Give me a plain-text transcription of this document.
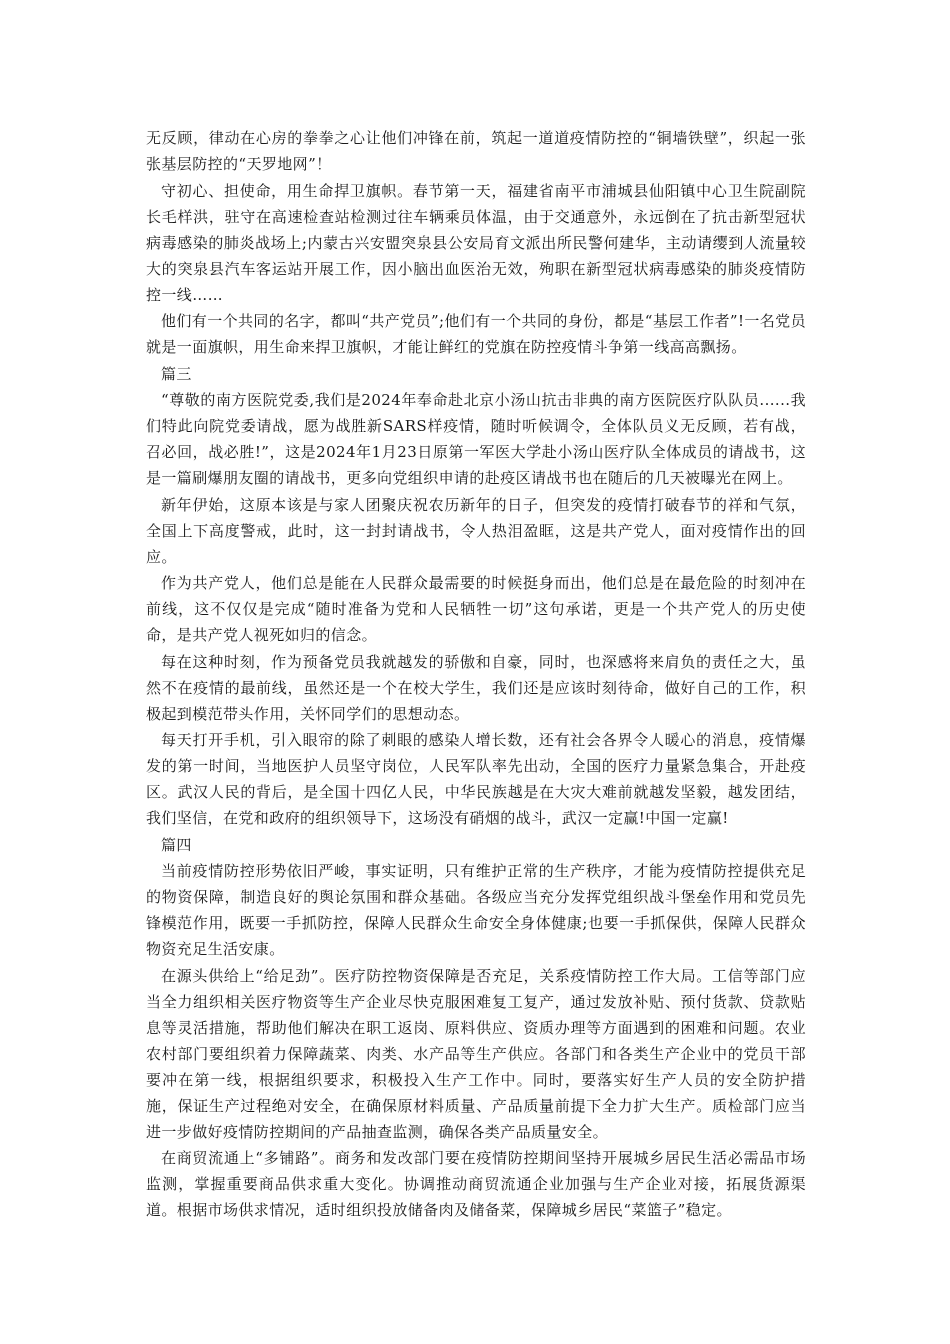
无反顾，律动在心房的拳拳之心让他们冲锋在前，筑起一道道疫情防控的“铜墙铁壁”，织起一张张基层防控的“天罗地网”！

守初心、担使命，用生命捍卫旗帜。春节第一天，福建省南平市浦城县仙阳镇中心卫生院副院长毛样洪，驻守在高速检查站检测过往车辆乘员体温，由于交通意外，永远倒在了抗击新型冠状病毒感染的肺炎战场上;内蒙古兴安盟突泉县公安局育文派出所民警何建华，主动请缨到人流量较大的突泉县汽车客运站开展工作，因小脑出血医治无效，殉职在新型冠状病毒感染的肺炎疫情防控一线……

他们有一个共同的名字，都叫“共产党员”;他们有一个共同的身份，都是“基层工作者”!一名党员就是一面旗帜，用生命来捍卫旗帜，才能让鲜红的党旗在防控疫情斗争第一线高高飘扬。

篇三

“尊敬的南方医院党委,我们是2024年奉命赴北京小汤山抗击非典的南方医院医疗队队员......我们特此向院党委请战，愿为战胜新SARS样疫情，随时听候调令，全体队员义无反顾，若有战，召必回，战必胜!”，这是2024年1月23日原第一军医大学赴小汤山医疗队全体成员的请战书，这是一篇刷爆朋友圈的请战书，更多向党组织申请的赴疫区请战书也在随后的几天被曝光在网上。

新年伊始，这原本该是与家人团聚庆祝农历新年的日子，但突发的疫情打破春节的祥和气氛，全国上下高度警戒，此时，这一封封请战书，令人热泪盈眶，这是共产党人，面对疫情作出的回应。

作为共产党人，他们总是能在人民群众最需要的时候挺身而出，他们总是在最危险的时刻冲在前线，这不仅仅是完成“随时准备为党和人民牺牲一切”这句承诺，更是一个共产党人的历史使命，是共产党人视死如归的信念。

每在这种时刻，作为预备党员我就越发的骄傲和自豪，同时，也深感将来肩负的责任之大，虽然不在疫情的最前线，虽然还是一个在校大学生，我们还是应该时刻待命，做好自己的工作，积极起到模范带头作用，关怀同学们的思想动态。

每天打开手机，引入眼帘的除了刺眼的感染人增长数，还有社会各界令人暖心的消息，疫情爆发的第一时间，当地医护人员坚守岗位，人民军队率先出动，全国的医疗力量紧急集合，开赴疫区。武汉人民的背后，是全国十四亿人民，中华民族越是在大灾大难前就越发坚毅，越发团结，我们坚信，在党和政府的组织领导下，这场没有硝烟的战斗，武汉一定赢!中国一定赢!

篇四

当前疫情防控形势依旧严峻，事实证明，只有维护正常的生产秩序，才能为疫情防控提供充足的物资保障，制造良好的舆论氛围和群众基础。各级应当充分发挥党组织战斗堡垒作用和党员先锋模范作用，既要一手抓防控，保障人民群众生命安全身体健康;也要一手抓保供，保障人民群众物资充足生活安康。

在源头供给上“给足劲”。医疗防控物资保障是否充足，关系疫情防控工作大局。工信等部门应当全力组织相关医疗物资等生产企业尽快克服困难复工复产，通过发放补贴、预付货款、贷款贴息等灵活措施，帮助他们解决在职工返岗、原料供应、资质办理等方面遇到的困难和问题。农业农村部门要组织着力保障蔬菜、肉类、水产品等生产供应。各部门和各类生产企业中的党员干部要冲在第一线，根据组织要求，积极投入生产工作中。同时，要落实好生产人员的安全防护措施，保证生产过程绝对安全，在确保原材料质量、产品质量前提下全力扩大生产。质检部门应当进一步做好疫情防控期间的产品抽查监测，确保各类产品质量安全。

在商贸流通上“多铺路”。商务和发改部门要在疫情防控期间坚持开展城乡居民生活必需品市场监测，掌握重要商品供求重大变化。协调推动商贸流通企业加强与生产企业对接，拓展货源渠道。根据市场供求情况，适时组织投放储备肉及储备菜，保障城乡居民“菜篮子”稳定。
